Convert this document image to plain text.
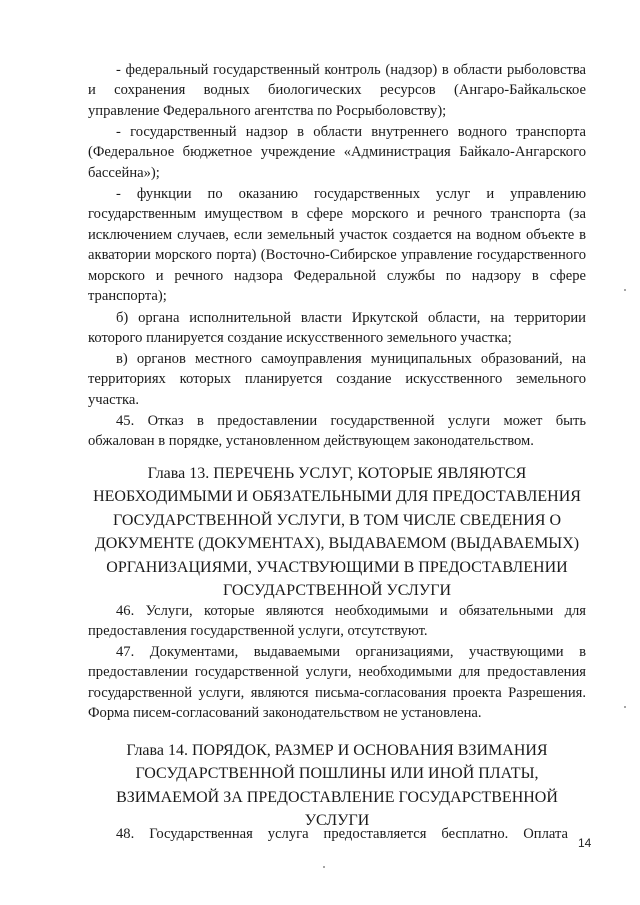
- федеральный государственный контроль (надзор) в области рыболовства и сохранения водных биологических ресурсов (Ангаро-Байкальское управление Федерального агентства по Росрыболовству);

- государственный надзор в области внутреннего водного транспорта (Федеральное бюджетное учреждение «Администрация Байкало-Ангарского бассейна»);

- функции по оказанию государственных услуг и управлению государственным имуществом в сфере морского и речного транспорта (за исключением случаев, если земельный участок создается на водном объекте в акватории морского порта) (Восточно-Сибирское управление государственного морского и речного надзора Федеральной службы по надзору в сфере транспорта);

б) органа исполнительной власти Иркутской области, на территории которого планируется создание искусственного земельного участка;

в) органов местного самоуправления муниципальных образований, на территориях которых планируется создание искусственного земельного участка.

45. Отказ в предоставлении государственной услуги может быть обжалован в порядке, установленном действующем законодательством.

Глава 13. ПЕРЕЧЕНЬ УСЛУГ, КОТОРЫЕ ЯВЛЯЮТСЯ НЕОБХОДИМЫМИ И ОБЯЗАТЕЛЬНЫМИ ДЛЯ ПРЕДОСТАВЛЕНИЯ ГОСУДАРСТВЕННОЙ УСЛУГИ, В ТОМ ЧИСЛЕ СВЕДЕНИЯ О ДОКУМЕНТЕ (ДОКУМЕНТАХ), ВЫДАВАЕМОМ (ВЫДАВАЕМЫХ) ОРГАНИЗАЦИЯМИ, УЧАСТВУЮЩИМИ В ПРЕДОСТАВЛЕНИИ ГОСУДАРСТВЕННОЙ УСЛУГИ

46. Услуги, которые являются необходимыми и обязательными для предоставления государственной услуги, отсутствуют.

47. Документами, выдаваемыми организациями, участвующими в предоставлении государственной услуги, необходимыми для предоставления государственной услуги, являются письма-согласования проекта Разрешения. Форма писем-согласований законодательством не установлена.

Глава 14. ПОРЯДОК, РАЗМЕР И ОСНОВАНИЯ ВЗИМАНИЯ ГОСУДАРСТВЕННОЙ ПОШЛИНЫ ИЛИ ИНОЙ ПЛАТЫ, ВЗИМАЕМОЙ ЗА ПРЕДОСТАВЛЕНИЕ ГОСУДАРСТВЕННОЙ УСЛУГИ

48. Государственная услуга предоставляется бесплатно. Оплата

14
